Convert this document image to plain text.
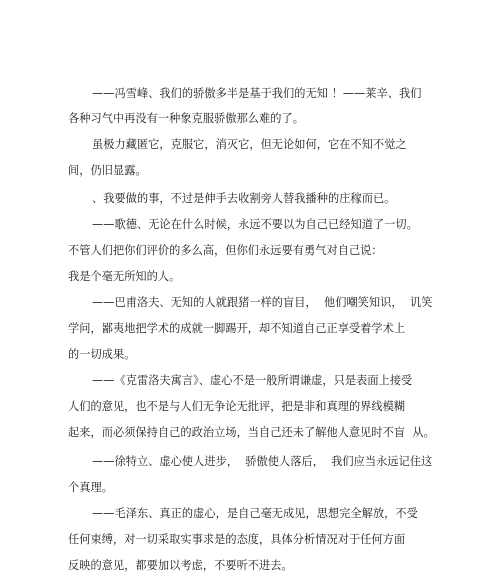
——冯雪峰、我们的骄傲多半是基于我们的无知 ！——莱辛、我们
各种习气中再没有一种象克服骄傲那么难的了。
虽极力藏匿它，克服它，消灭它，但无论如何，它在不知不觉之
间，仍旧显露。
、我要做的事，不过是伸手去收割旁人替我播种的庄稼而已。
——歌德、无论在什么时候，永远不要以为自己已经知道了一切。
不管人们把你们评价的多么高，但你们永远要有勇气对自己说：
我是个毫无所知的人。
——巴甫洛夫、无知的人就跟猪一样的盲目，  他们嘲笑知识，  讥笑
学问，鄙夷地把学术的成就一脚踢开，却不知道自己正享受着学术上
的一切成果。
——《克雷洛夫寓言》、虚心不是一般所谓谦虚，只是表面上接受
人们的意见，也不是与人们无争论无批评，把是非和真理的界线模糊
起来，而必须保持自己的政治立场，当自己还未了解他人意见时不盲  从。
——徐特立、虚心使人进步，  骄傲使人落后，  我们应当永远记住这
个真理。
——毛泽东、真正的虚心，是自己毫无成见，思想完全解放，不受
任何束缚，对一切采取实事求是的态度，具体分析情况对于任何方面
反映的意见，都要加以考虑，不要听不进去。
